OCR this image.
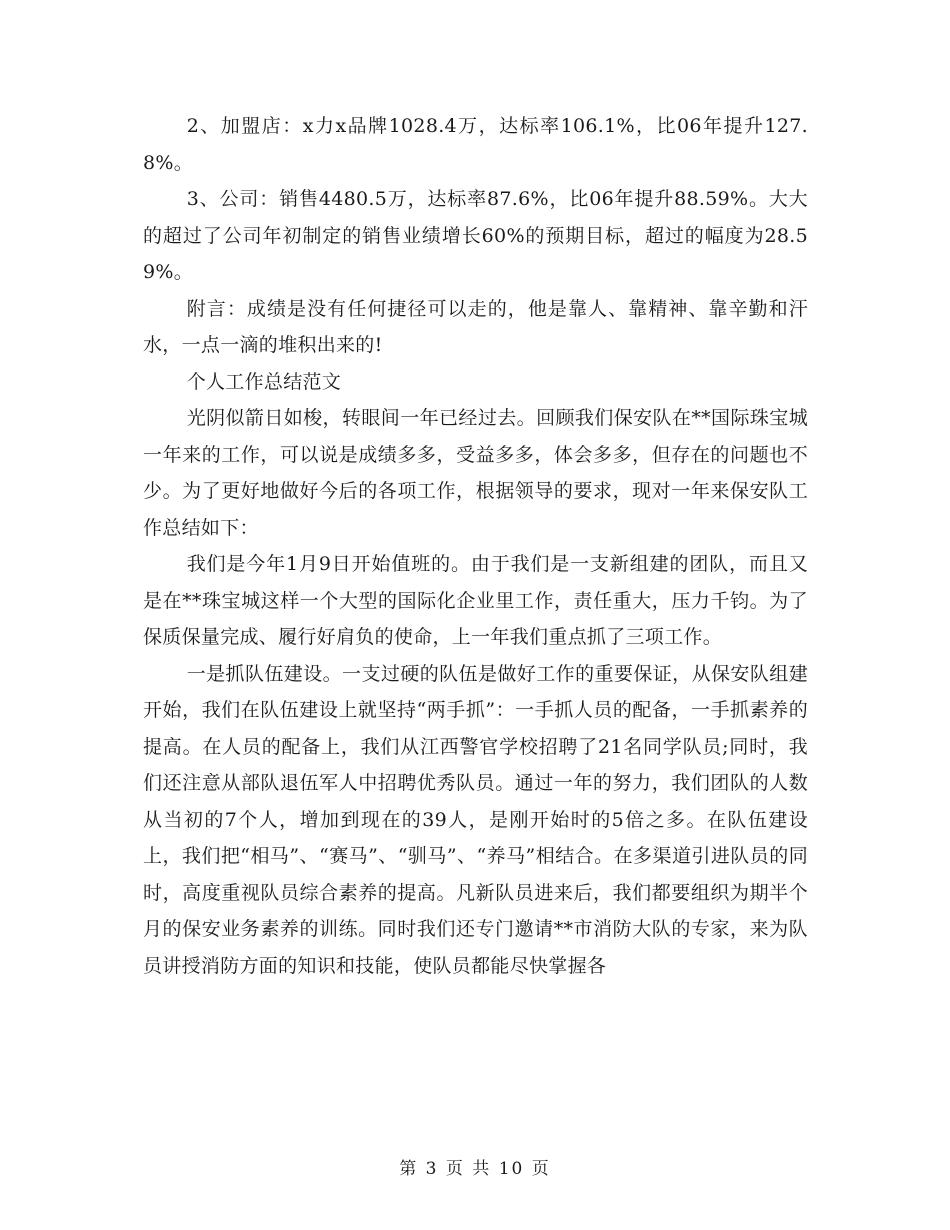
2、加盟店：x力x品牌1028.4万，达标率106.1%，比06年提升127.8%。

3、公司：销售4480.5万，达标率87.6%，比06年提升88.59%。大大的超过了公司年初制定的销售业绩增长60%的预期目标，超过的幅度为28.59%。

附言：成绩是没有任何捷径可以走的，他是靠人、靠精神、靠辛勤和汗水，一点一滴的堆积出来的!

个人工作总结范文

光阴似箭日如梭，转眼间一年已经过去。回顾我们保安队在**国际珠宝城一年来的工作，可以说是成绩多多，受益多多，体会多多，但存在的问题也不少。为了更好地做好今后的各项工作，根据领导的要求，现对一年来保安队工作总结如下：

我们是今年1月9日开始值班的。由于我们是一支新组建的团队，而且又是在**珠宝城这样一个大型的国际化企业里工作，责任重大，压力千钧。为了保质保量完成、履行好肩负的使命，上一年我们重点抓了三项工作。

一是抓队伍建设。一支过硬的队伍是做好工作的重要保证，从保安队组建开始，我们在队伍建设上就坚持“两手抓”：一手抓人员的配备，一手抓素养的提高。在人员的配备上，我们从江西警官学校招聘了21名同学队员;同时，我们还注意从部队退伍军人中招聘优秀队员。通过一年的努力，我们团队的人数从当初的7个人，增加到现在的39人，是刚开始时的5倍之多。在队伍建设上，我们把“相马”、“赛马”、“驯马”、“养马”相结合。在多渠道引进队员的同时，高度重视队员综合素养的提高。凡新队员进来后，我们都要组织为期半个月的保安业务素养的训练。同时我们还专门邀请**市消防大队的专家，来为队员讲授消防方面的知识和技能，使队员都能尽快掌握各

第 3 页 共 10 页
